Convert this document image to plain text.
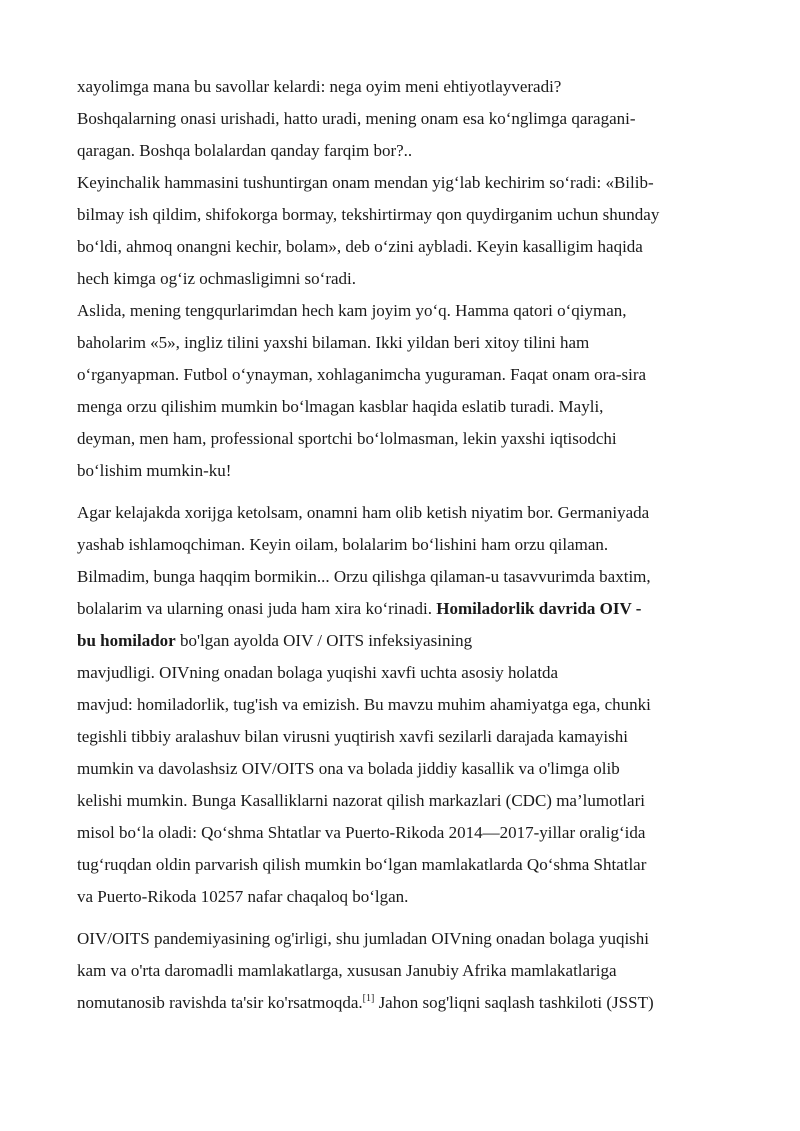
xayolimga mana bu savollar kelardi: nega oyim meni ehtiyotlayveradi?
Boshqalarning onasi urishadi, hatto uradi, mening onam esa ko‘nglimga qaragani-
qaragan. Boshqa bolalardan qanday farqim bor?..
Keyinchalik hammasini tushuntirgan onam mendan yig‘lab kechirim so‘radi: «Bilib-
bilmay ish qildim, shifokorga bormay, tekshirtirmay qon quydirganim uchun shunday
bo‘ldi, ahmoq onangni kechir, bolam», deb o‘zini aybladi. Keyin kasalligim haqida
hech kimga og‘iz ochmasligimni so‘radi.
Aslida, mening tengqurlarimdan hech kam joyim yo‘q. Hamma qatori o‘qiyman,
baholarim «5», ingliz tilini yaxshi bilaman. Ikki yildan beri xitoy tilini ham
o‘rganyapman. Futbol o‘ynayman, xohlaganimcha yuguraman. Faqat onam ora-sira
menga orzu qilishim mumkin bo‘lmagan kasblar haqida eslatib turadi. Mayli,
deyman, men ham, professional sportchi bo‘lolmasman, lekin yaxshi iqtisodchi
bo‘lishim mumkin-ku!
Agar kelajakda xorijga ketolsam, onamni ham olib ketish niyatim bor. Germaniyada
yashab ishlamoqchiman. Keyin oilam, bolalarim bo‘lishini ham orzu qilaman.
Bilmadim, bunga haqqim bormikin... Orzu qilishga qilaman-u tasavvurimda baxtim,
bolalarim va ularning onasi juda ham xira ko‘rinadi. Homiladorlik davrida OIV -
bu homilador bo'lgan ayolda OIV / OITS infeksiyasining
mavjudligi. OIVning onadan bolaga yuqishi xavfi uchta asosiy holatda
mavjud: homiladorlik, tug'ish va emizish. Bu mavzu muhim ahamiyatga ega, chunki
tegishli tibbiy aralashuv bilan virusni yuqtirish xavfi sezilarli darajada kamayishi
mumkin va davolashsiz OIV/OITS ona va bolada jiddiy kasallik va o'limga olib
kelishi mumkin. Bunga Kasalliklarni nazorat qilish markazlari (CDC) ma’lumotlari
misol bo‘la oladi: Qo‘shma Shtatlar va Puerto-Rikoda 2014—2017-yillar oralig‘ida
tug‘ruqdan oldin parvarish qilish mumkin bo‘lgan mamlakatlarda Qo‘shma Shtatlar
va Puerto-Rikoda 10257 nafar chaqaloq bo‘lgan.
OIV/OITS pandemiyasining og'irligi, shu jumladan OIVning onadan bolaga yuqishi
kam va o'rta daromadli mamlakatlarga, xususan Janubiy Afrika mamlakatlariga
nomutanosib ravishda ta'sir ko'rsatmoqda.[1] Jahon sog'liqni saqlash tashkiloti (JSST)
